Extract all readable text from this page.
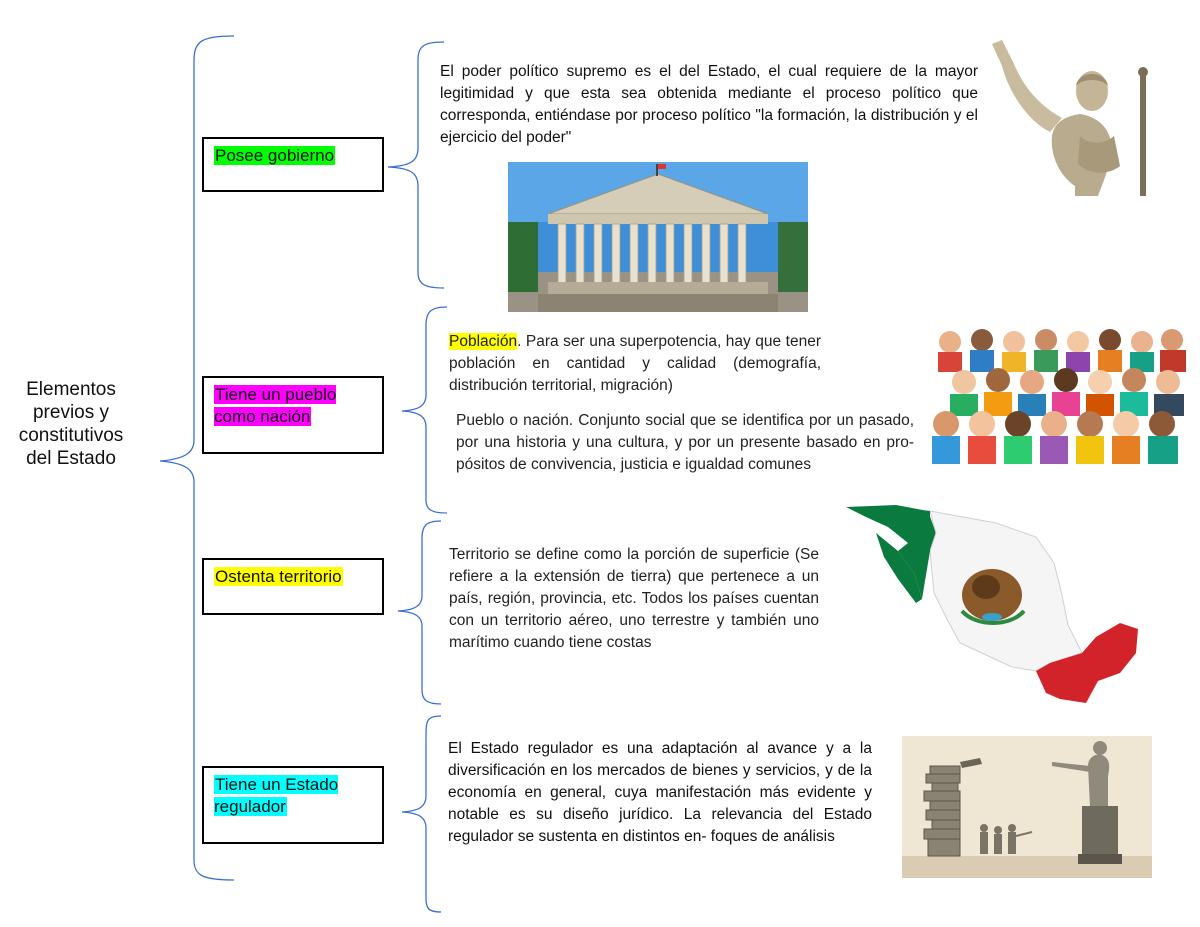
Elementos previos y constitutivos del Estado
Posee gobierno
Tiene un pueblo como nación
Ostenta territorio
Tiene un Estado regulador
El poder político supremo es el del Estado, el cual requiere de la mayor legitimidad y que esta sea obtenida mediante el proceso político que corresponda, entiéndase por proceso político "la formación, la distribución y el ejercicio del poder"
Población. Para ser una superpotencia, hay que tener población en cantidad y calidad (demografía, distribución territorial, migración)
Pueblo o nación. Conjunto social que se identifica por un pasado, por una historia y una cultura, y por un presente basado en pro- pósitos de convivencia, justicia e igualdad comunes
Territorio se define como la porción de superficie (Se refiere a la extensión de tierra) que pertenece a un país, región, provincia, etc. Todos los países cuentan con un territorio aéreo, uno terrestre y también uno marítimo cuando tiene costas
El Estado regulador es una adaptación al avance y a la diversificación en los mercados de bienes y servicios, y de la economía en general, cuya manifestación más evidente y notable es su diseño jurídico. La relevancia del Estado regulador se sustenta en distintos en- foques de análisis
